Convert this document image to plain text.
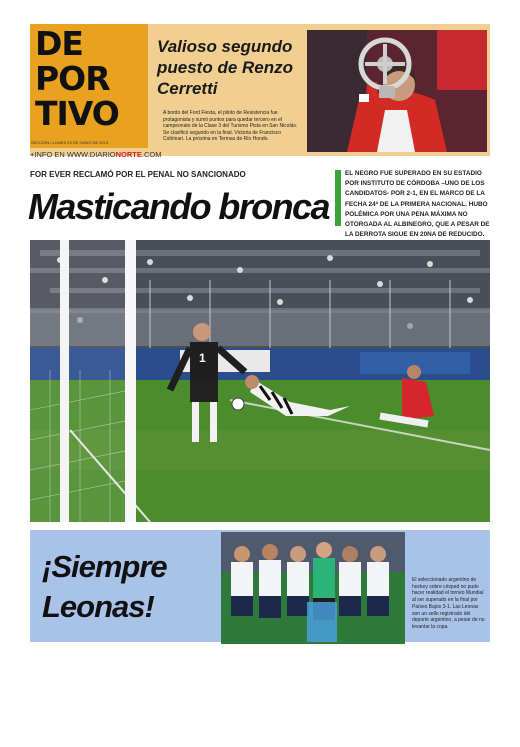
DE
POR
TIVO
SECCIÓN • LUNES 24 DE JUNIO DE 2013
+INFO EN WWW.DIARIONORTE.COM
Valioso segundo puesto de Renzo Cerretti
A bordo del Ford Fiesta, el piloto de Resistencia fue protagonista y sumó puntos para quedar tercero en el campeonato de la Clase 3 del Turismo Pista en San Nicolás. Se clasificó segundo en la final. Victoria de Francisco Coltrinari. La próxima en Termas de Río Hondo.
FOR EVER RECLAMÓ POR EL PENAL NO SANCIONADO
Masticando bronca
EL NEGRO FUE SUPERADO EN SU ESTADIO POR INSTITUTO DE CÓRDOBA –UNO DE LOS CANDIDATOS- POR 2-1, EN EL MARCO DE LA FECHA 24ª DE LA PRIMERA NACIONAL. HUBO POLÉMICA POR UNA PENA MÁXIMA NO OTORGADA AL ALBINEGRO, QUE A PESAR DE LA DERROTA SIGUE EN 20NA DE REDUCIDO.
1
La jugada de la polémica y del reclamo airado de los albinegros. Erico Cosgrove derribado por Sebastián Corda. No fue sancionado el tiro penal por el juez Julio Barraza.
¡Siempre
Leonas!
El seleccionado argentino de hockey sobre césped no pudo hacer realidad el torneo Mundial al ser superado en la final por Países Bajos 3-1. Las Leonas son un sello registrado del deporte argentino, a pesar de no levantar la copa.
